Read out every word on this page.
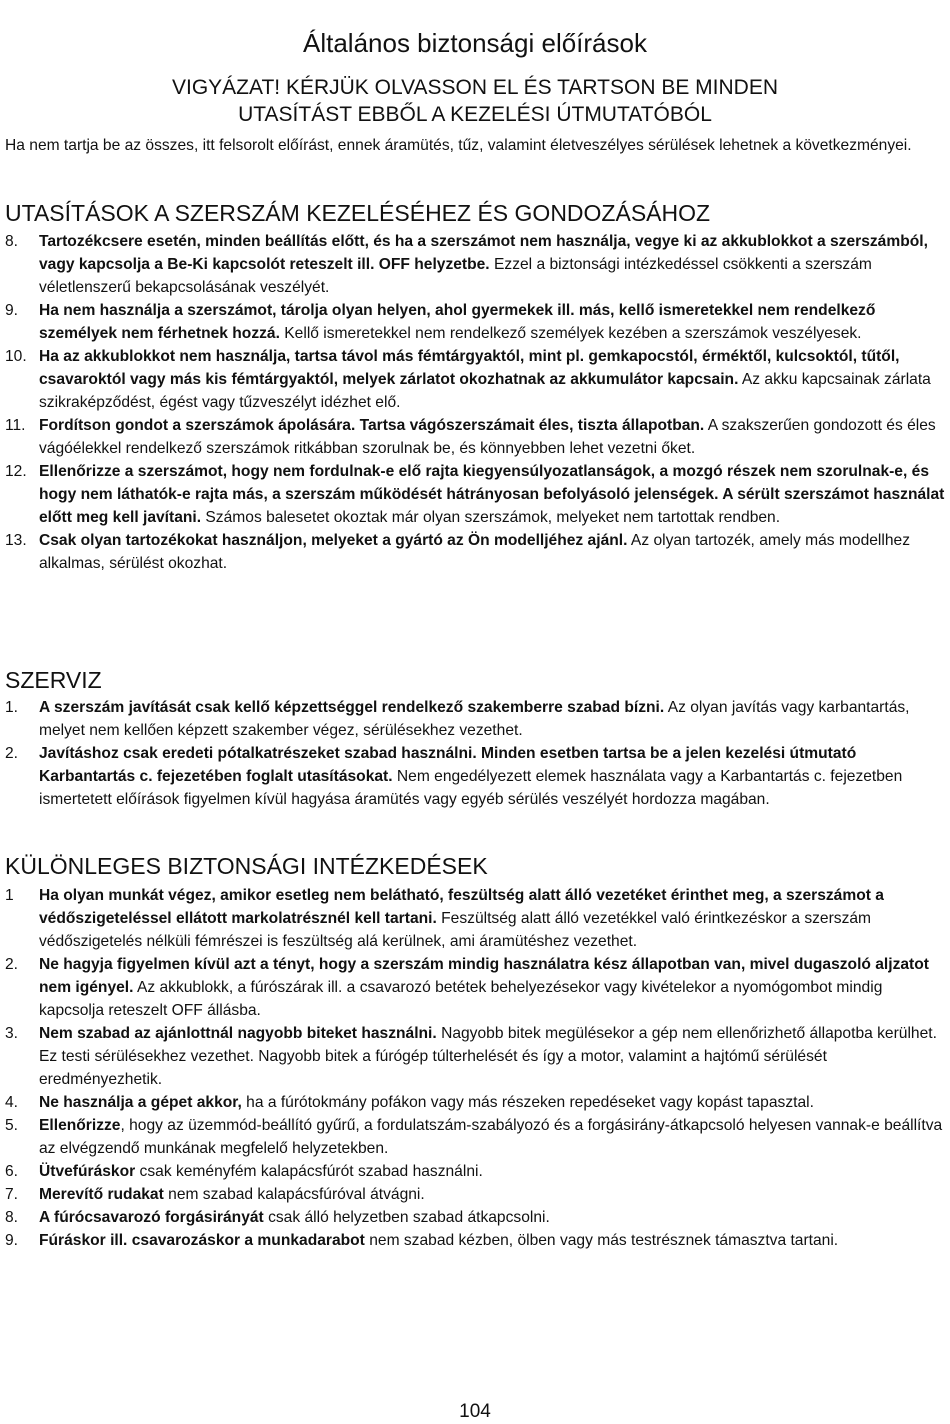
Általános biztonsági előírások
VIGYÁZAT! KÉRJÜK OLVASSON EL ÉS TARTSON BE MINDEN
UTASÍTÁST EBBŐL A KEZELÉSI ÚTMUTATÓBÓL

Ha nem tartja be az összes, itt felsorolt előírást, ennek áramütés, tűz, valamint életveszélyes sérülések lehetnek a következményei.

UTASÍTÁSOK A SZERSZÁM KEZELÉSÉHEZ ÉS GONDOZÁSÁHOZ
8. Tartozékcsere esetén, minden beállítás előtt, és ha a szerszámot nem használja, vegye ki az akkublokkot a szerszámból, vagy kapcsolja a Be-Ki kapcsolót reteszelt ill. OFF helyzetbe. Ezzel a biztonsági intézkedéssel csökkenti a szerszám véletlenszerű bekapcsolásának veszélyét.
9. Ha nem használja a szerszámot, tárolja olyan helyen, ahol gyermekek ill. más, kellő ismeretekkel nem rendelkező személyek nem férhetnek hozzá. Kellő ismeretekkel nem rendelkező személyek kezében a szerszámok veszélyesek.
10. Ha az akkublokkot nem használja, tartsa távol más fémtárgyaktól, mint pl. gemkapocstól, érméktől, kulcsoktól, tűtől, csavaroktól vagy más kis fémtárgyaktól, melyek zárlatot okozhatnak az akkumulátor kapcsain. Az akku kapcsainak zárlata szikraképződést, égést vagy tűzveszélyt idézhet elő.
11. Fordítson gondot a szerszámok ápolására. Tartsa vágószerszámait éles, tiszta állapotban. A szakszerűen gondozott és éles vágóélekkel rendelkező szerszámok ritkábban szorulnak be, és könnyebben lehet vezetni őket.
12. Ellenőrizze a szerszámot, hogy nem fordulnak-e elő rajta kiegyensúlyozatlanságok, a mozgó részek nem szorulnak-e, és hogy nem láthatók-e rajta más, a szerszám működését hátrányosan befolyásoló jelenségek. A sérült szerszámot használat előtt meg kell javítani. Számos balesetet okoztak már olyan szerszámok, melyeket nem tartottak rendben.
13. Csak olyan tartozékokat használjon, melyeket a gyártó az Ön modelljéhez ajánl. Az olyan tartozék, amely más modellhez alkalmas, sérülést okozhat.
SZERVIZ
1. A szerszám javítását csak kellő képzettséggel rendelkező szakemberre szabad bízni. Az olyan javítás vagy karbantartás, melyet nem kellően képzett szakember végez, sérülésekhez vezethet.
2. Javításhoz csak eredeti pótalkatrészeket szabad használni. Minden esetben tartsa be a jelen kezelési útmutató Karbantartás c. fejezetében foglalt utasításokat. Nem engedélyezett elemek használata vagy a Karbantartás c. fejezetben ismertetett előírások figyelmen kívül hagyása áramütés vagy egyéb sérülés veszélyét hordozza magában.
KÜLÖNLEGES BIZTONSÁGI INTÉZKEDÉSEK
1 Ha olyan munkát végez, amikor esetleg nem belátható, feszültség alatt álló vezetéket érinthet meg, a szerszámot a védőszigeteléssel ellátott markolatrésznél kell tartani. Feszültség alatt álló vezetékkel való érintkezéskor a szerszám védőszigetelés nélküli fémrészei is feszültség alá kerülnek, ami áramütéshez vezethet.
2. Ne hagyja figyelmen kívül azt a tényt, hogy a szerszám mindig használatra kész állapotban van, mivel dugaszoló aljzatot nem igényel. Az akkublokk, a fúrószárak ill. a csavarozó betétek behelyezésekor vagy kivételekor a nyomógombot mindig kapcsolja reteszelt OFF állásba.
3. Nem szabad az ajánlottnál nagyobb biteket használni. Nagyobb bitek megülésekor a gép nem ellenőrizhető állapotba kerülhet. Ez testi sérülésekhez vezethet. Nagyobb bitek a fúrógép túlterhelését és így a motor, valamint a hajtómű sérülését eredményezhetik.
4. Ne használja a gépet akkor, ha a fúrótokmány pofákon vagy más részeken repedéseket vagy kopást tapasztal.
5. Ellenőrizze, hogy az üzemmód-beállító gyűrű, a fordulatszám-szabályozó és a forgásirány-átkapcsoló helyesen vannak-e beállítva az elvégzendő munkának megfelelő helyzetekben.
6. Ütvefúráskor csak keményfém kalapácsfúrót szabad használni.
7. Merevítő rudakat nem szabad kalapácsfúróval átvágni.
8. A fúrócsavarozó forgásirányát csak álló helyzetben szabad átkapcsolni.
9. Fúráskor ill. csavarozáskor a munkadarabot nem szabad kézben, ölben vagy más testrésznek támasztva tartani.
104
